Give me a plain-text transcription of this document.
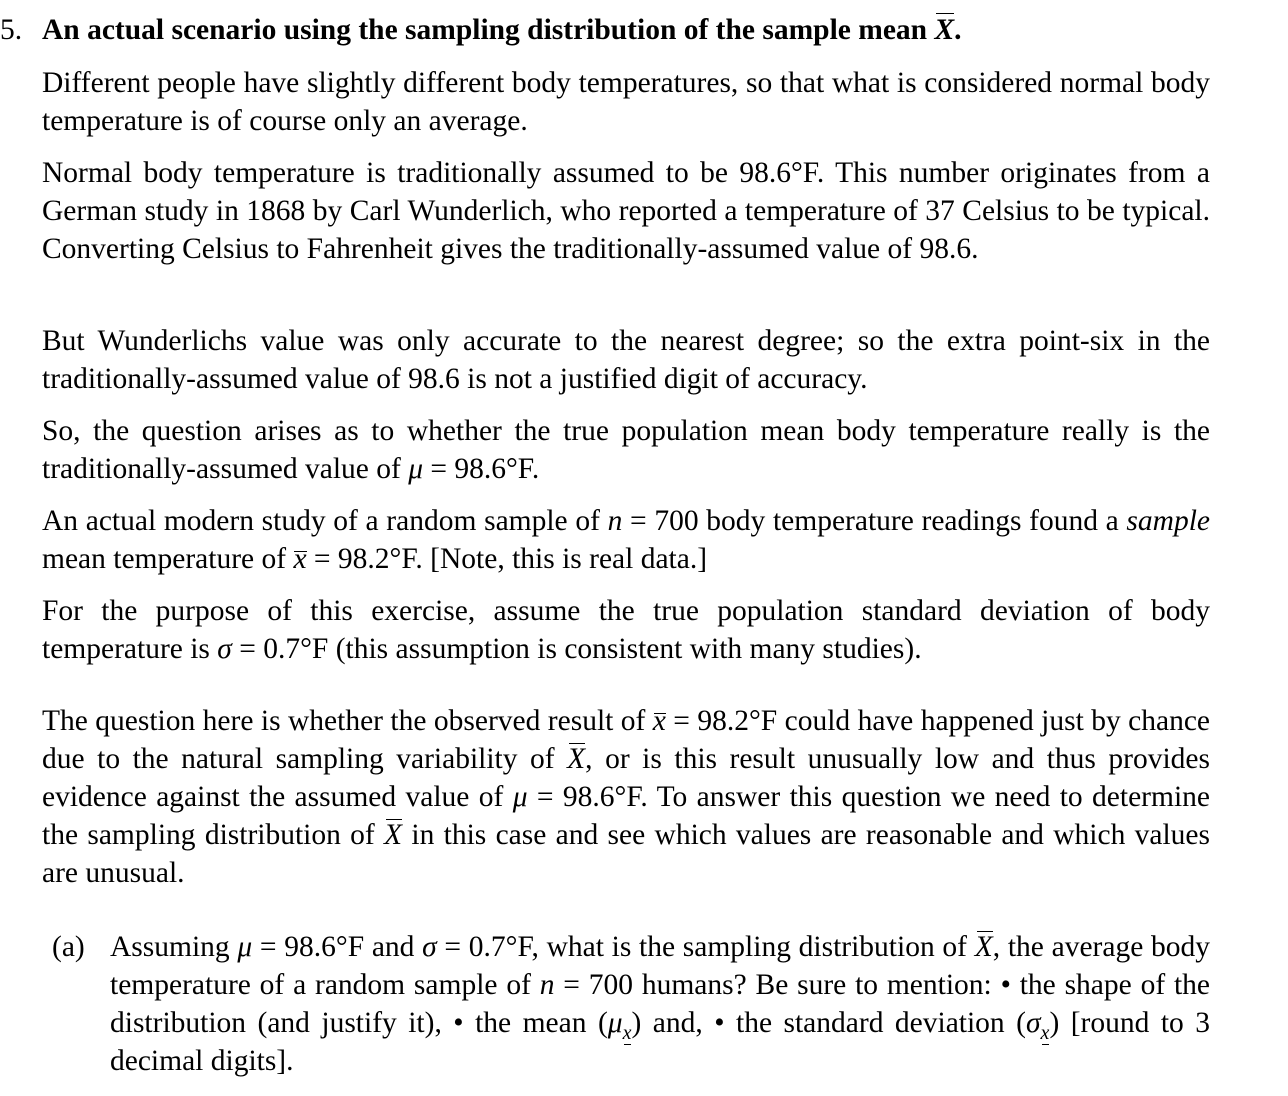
5. An actual scenario using the sampling distribution of the sample mean X.

Different people have slightly different body temperatures, so that what is considered normal body temperature is of course only an average.

Normal body temperature is traditionally assumed to be 98.6°F. This number originates from a German study in 1868 by Carl Wunderlich, who reported a temperature of 37 Celsius to be typical. Converting Celsius to Fahrenheit gives the traditionally-assumed value of 98.6.

But Wunderlichs value was only accurate to the nearest degree; so the extra point-six in the traditionally-assumed value of 98.6 is not a justified digit of accuracy.

So, the question arises as to whether the true population mean body temperature really is the traditionally-assumed value of μ = 98.6°F.

An actual modern study of a random sample of n = 700 body temperature readings found a sample mean temperature of x = 98.2°F. [Note, this is real data.]

For the purpose of this exercise, assume the true population standard deviation of body temperature is σ = 0.7°F (this assumption is consistent with many studies).

The question here is whether the observed result of x = 98.2°F could have happened just by chance due to the natural sampling variability of X, or is this result unusually low and thus provides evidence against the assumed value of μ = 98.6°F. To answer this question we need to determine the sampling distribution of X in this case and see which values are reasonable and which values are unusual.

(a) Assuming μ = 98.6°F and σ = 0.7°F, what is the sampling distribution of X, the average body temperature of a random sample of n = 700 humans? Be sure to mention: • the shape of the distribution (and justify it), • the mean $(\mu_x)$ and, • the standard deviation $(\sigma_x)$ [round to 3 decimal digits].
